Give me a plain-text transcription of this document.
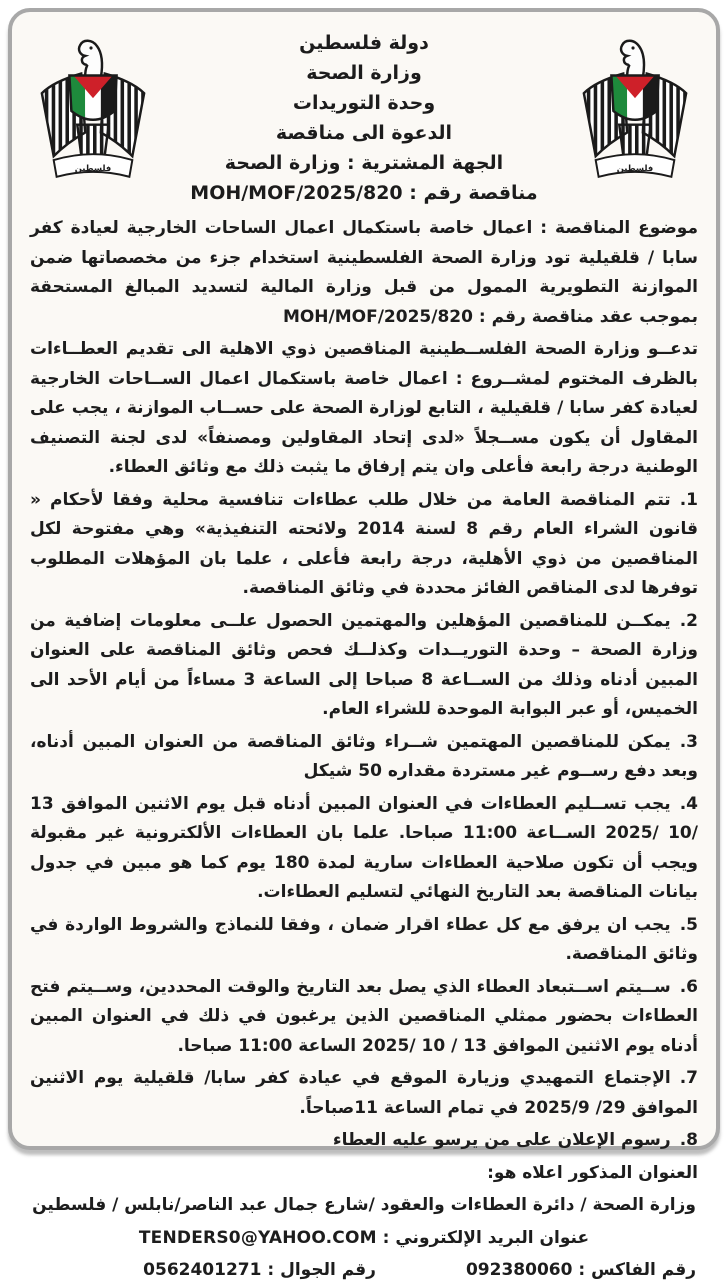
دولة فلسطين
وزارة الصحة
وحدة التوريدات
الدعوة الى مناقصة
الجهة المشترية : وزارة الصحة
مناقصة رقم : MOH/MOF/2025/820

موضوع المناقصة : اعمال خاصة باستكمال اعمال الساحات الخارجية لعيادة كفر سابا / قلقيلية تود وزارة الصحة الفلسطينية استخدام جزء من مخصصاتها ضمن الموازنة التطويرية الممول من قبل وزارة المالية لتسديد المبالغ المستحقة بموجب عقد مناقصة رقم : MOH/MOF/2025/820

تدعــو وزارة الصحة الفلســطينية المناقصين ذوي الاهلية الى تقديم العطــاءات بالظرف المختوم لمشــروع : اعمال خاصة باستكمال اعمال الســاحات الخارجية لعيادة كفر سابا / قلقيلية ، التابع لوزارة الصحة على حســاب الموازنة ، يجب على المقاول أن يكون مســجلاً «لدى إتحاد المقاولين ومصنفاً» لدى لجنة التصنيف الوطنية درجة رابعة فأعلى وان يتم إرفاق ما يثبت ذلك مع وثائق العطاء.

1.تتم المناقصة العامة من خلال طلب عطاءات تنافسية محلية وفقا لأحكام « قانون الشراء العام رقم 8 لسنة 2014 ولائحته التنفيذية» وهي مفتوحة لكل المناقصين من ذوي الأهلية، درجة رابعة فأعلى ، علما بان المؤهلات المطلوب توفرها لدى المناقص الفائز محددة في وثائق المناقصة.

2.يمكــن للمناقصين المؤهلين والمهتمين الحصول علــى معلومات إضافية من وزارة الصحة – وحدة التوريــدات وكذلــك فحص وثائق المناقصة على العنوان المبين أدناه وذلك من الســاعة 8 صباحا إلى الساعة 3 مساءاً من أيام الأحد الى الخميس، أو عبر البوابة الموحدة للشراء العام.

3.يمكن للمناقصين المهتمين شــراء وثائق المناقصة من العنوان المبين أدناه، وبعد دفع رســوم غير مستردة مقداره 50 شيكل

4.يجب تســليم العطاءات في العنوان المبين أدناه قبل يوم الاثنين الموافق 13 /10 /2025 الســاعة 11:00 صباحا. علما بان العطاءات الألكترونية غير مقبولة ويجب أن تكون صلاحية العطاءات سارية لمدة 180 يوم كما هو مبين في جدول بيانات المناقصة بعد التاريخ النهائي لتسليم العطاءات.

5.يجب ان يرفق مع كل عطاء اقرار ضمان ، وفقا للنماذج والشروط الواردة في وثائق المناقصة.

6.ســيتم اســتبعاد العطاء الذي يصل بعد التاريخ والوقت المحددين، وســيتم فتح العطاءات بحضور ممثلي المناقصين الذين يرغبون في ذلك في العنوان المبين أدناه يوم الاثنين الموافق 13 / 10 /2025 الساعة 11:00 صباحا.

7.الإجتماع التمهيدي وزيارة الموقع في عيادة كفر سابا/ قلقيلية يوم الاثنين الموافق 29/ 2025/9 في تمام الساعة 11صباحاً.

8.رسوم الإعلان على من يرسو عليه العطاء

العنوان المذكور اعلاه هو:

وزارة الصحة / دائرة العطاءات والعقود /شارع جمال عبد الناصر/نابلس / فلسطين

عنوان البريد الإلكتروني : TENDERS0@YAHOO.COM

رقم الفاكس : 092380060
رقم الجوال : 0562401271
